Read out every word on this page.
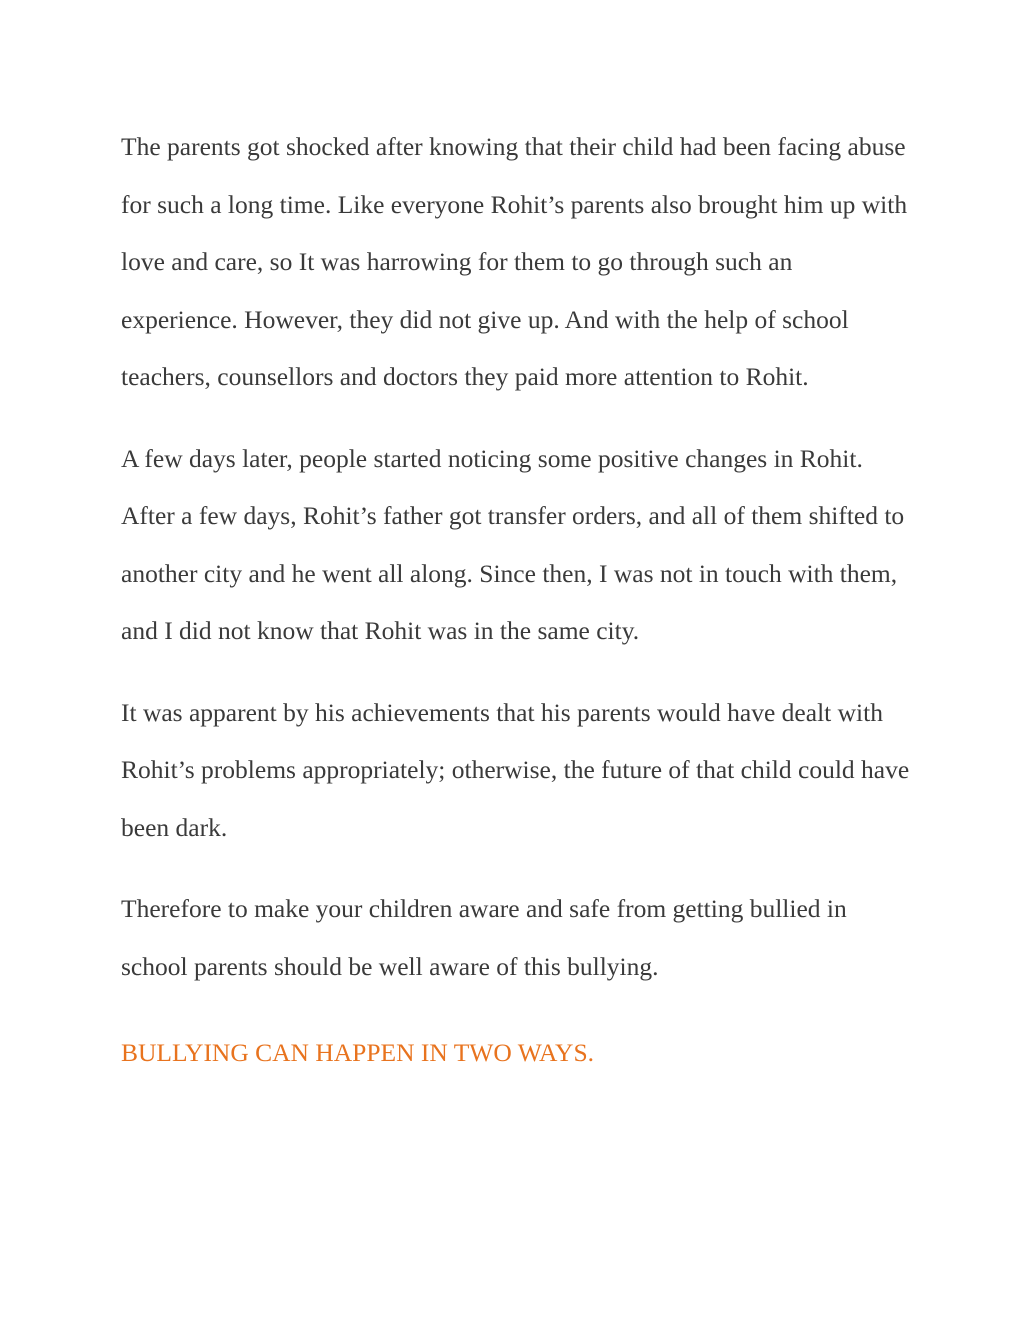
The parents got shocked after knowing that their child had been facing abuse for such a long time. Like everyone Rohit’s parents also brought him up with love and care, so It was harrowing for them to go through such an experience. However, they did not give up. And with the help of school teachers, counsellors and doctors they paid more attention to Rohit.

A few days later, people started noticing some positive changes in Rohit. After a few days, Rohit’s father got transfer orders, and all of them shifted to another city and he went all along. Since then, I was not in touch with them, and I did not know that Rohit was in the same city.

It was apparent by his achievements that his parents would have dealt with Rohit’s problems appropriately; otherwise, the future of that child could have been dark.

Therefore to make your children aware and safe from getting bullied in school parents should be well aware of this bullying.

BULLYING CAN HAPPEN IN TWO WAYS.
